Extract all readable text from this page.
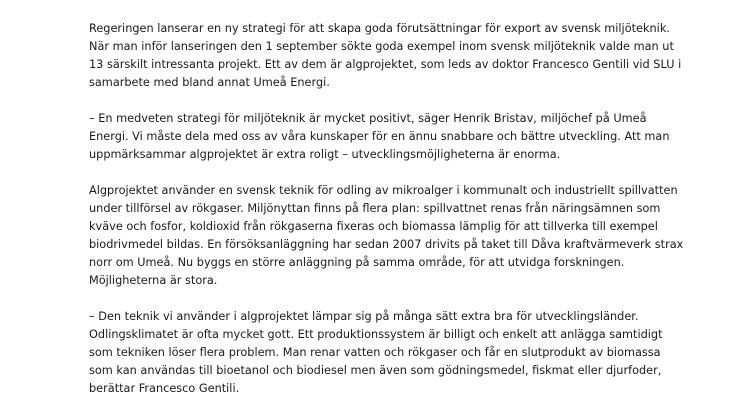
Regeringen lanserar en ny strategi för att skapa goda förutsättningar för export av svensk miljöteknik.
När man inför lanseringen den 1 september sökte goda exempel inom svensk miljöteknik valde man ut
13 särskilt intressanta projekt. Ett av dem är algprojektet, som leds av doktor Francesco Gentili vid SLU i
samarbete med bland annat Umeå Energi.

– En medveten strategi för miljöteknik är mycket positivt, säger Henrik Bristav, miljöchef på Umeå
Energi. Vi måste dela med oss av våra kunskaper för en ännu snabbare och bättre utveckling. Att man
uppmärksammar algprojektet är extra roligt – utvecklingsmöjligheterna är enorma.

Algprojektet använder en svensk teknik för odling av mikroalger i kommunalt och industriellt spillvatten
under tillförsel av rökgaser. Miljönyttan finns på flera plan: spillvattnet renas från näringsämnen som
kväve och fosfor, koldioxid från rökgaserna fixeras och biomassa lämplig för att tillverka till exempel
biodrivmedel bildas. En försöksanläggning har sedan 2007 drivits på taket till Dåva kraftvärmeverk strax
norr om Umeå. Nu byggs en större anläggning på samma område, för att utvidga forskningen.
Möjligheterna är stora.

– Den teknik vi använder i algprojektet lämpar sig på många sätt extra bra för utvecklingsländer.
Odlingsklimatet är ofta mycket gott. Ett produktionssystem är billigt och enkelt att anlägga samtidigt
som tekniken löser flera problem. Man renar vatten och rökgaser och får en slutprodukt av biomassa
som kan användas till bioetanol och biodiesel men även som gödningsmedel, fiskmat eller djurfoder,
berättar Francesco Gentili.
